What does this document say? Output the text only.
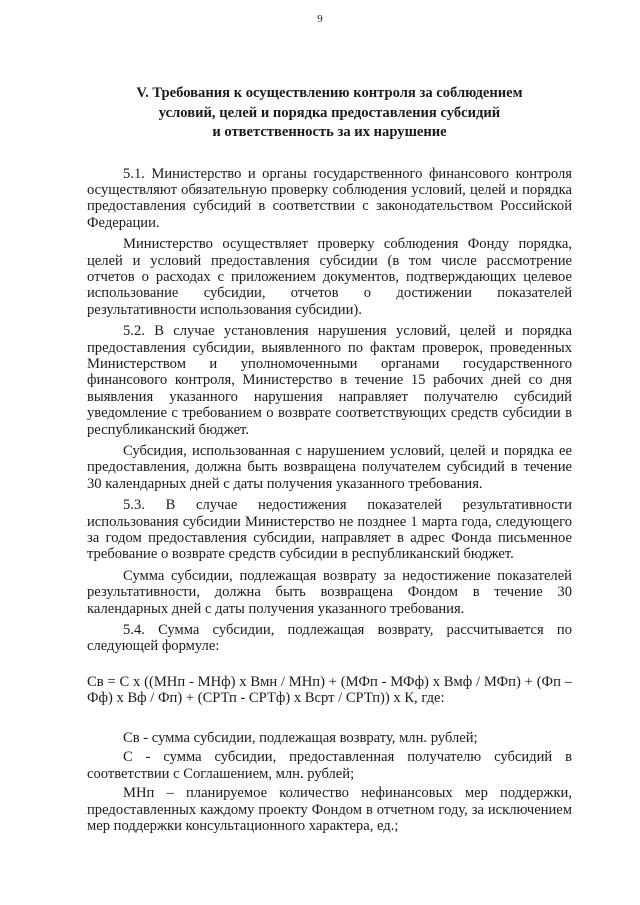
9
V. Требования к осуществлению контроля за соблюдением
условий, целей и порядка предоставления субсидий
и ответственность за их нарушение

5.1. Министерство и органы государственного финансового контроля осуществляют обязательную проверку соблюдения условий, целей и порядка предоставления субсидий в соответствии с законодательством Российской Федерации.

Министерство осуществляет проверку соблюдения Фонду порядка, целей и условий предоставления субсидии (в том числе рассмотрение отчетов о расходах с приложением документов, подтверждающих целевое использование субсидии, отчетов о достижении показателей результативности использования субсидии).

5.2. В случае установления нарушения условий, целей и порядка предоставления субсидии, выявленного по фактам проверок, проведенных Министерством и уполномоченными органами государственного финансового контроля, Министерство в течение 15 рабочих дней со дня выявления указанного нарушения направляет получателю субсидий уведомление с требованием о возврате соответствующих средств субсидии в республиканский бюджет.

Субсидия, использованная с нарушением условий, целей и порядка ее предоставления, должна быть возвращена получателем субсидий в течение 30 календарных дней с даты получения указанного требования.

5.3. В случае недостижения показателей результативности использования субсидии Министерство не позднее 1 марта года, следующего за годом предоставления субсидии, направляет в адрес Фонда письменное требование о возврате средств субсидии в республиканский бюджет.

Сумма субсидии, подлежащая возврату за недостижение показателей результативности, должна быть возвращена Фондом в течение 30 календарных дней с даты получения указанного требования.

5.4. Сумма субсидии, подлежащая возврату, рассчитывается по следующей формуле:

Св = С x ((МНп - МНф) x Вмн / МНп) + (МФп - МФф) x Вмф / МФп) + (Фп – Фф) x Вф / Фп) + (СРТп - СРТф) x Вcрт / СРТп)) x К, где:

Св - сумма субсидии, подлежащая возврату, млн. рублей;

С - сумма субсидии, предоставленная получателю субсидий в соответствии с Соглашением, млн. рублей;

МНп – планируемое количество нефинансовых мер поддержки, предоставленных каждому проекту Фондом в отчетном году, за исключением мер поддержки консультационного характера, ед.;
